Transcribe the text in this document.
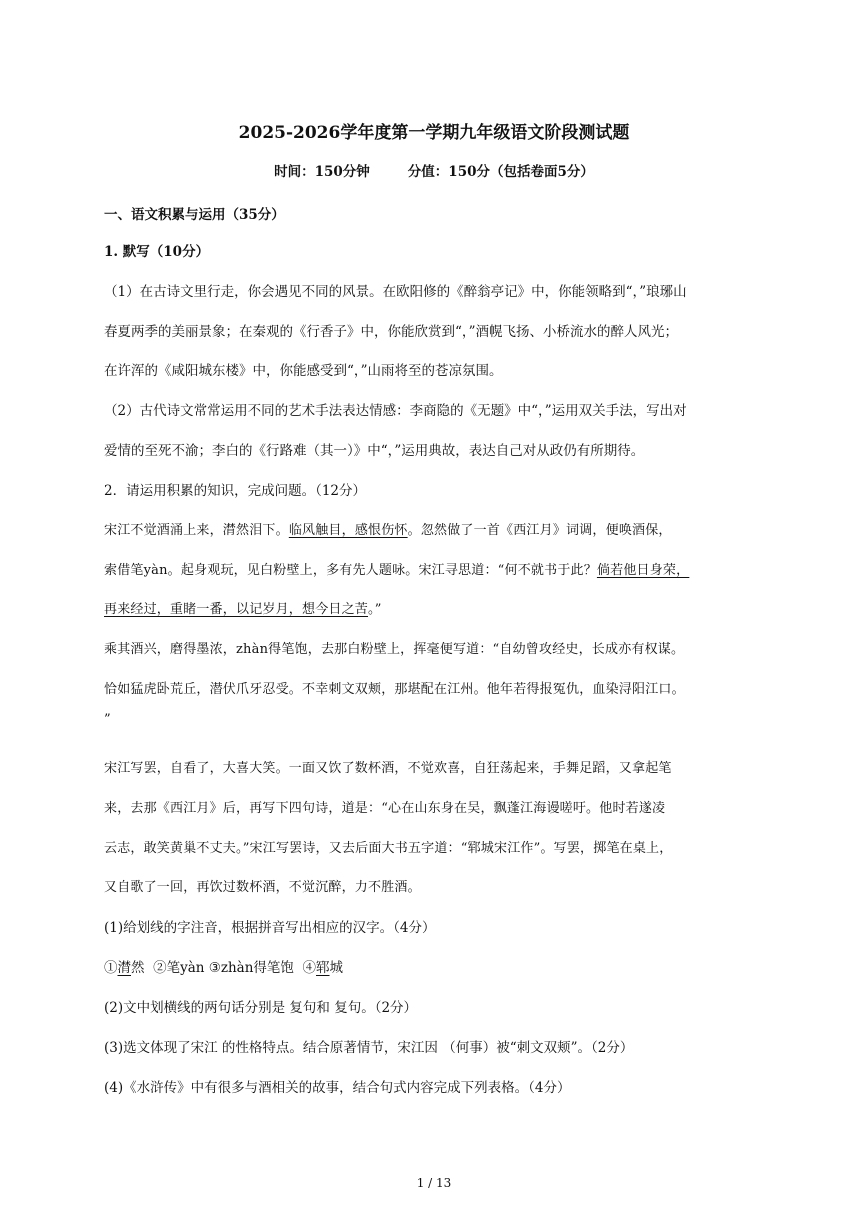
2025-2026学年度第一学期九年级语文阶段测试题
时间：150分钟	分值：150分（包括卷面5分）
一、语文积累与运用（35分）
1. 默写（10分）
（1）在古诗文里行走，你会遇见不同的风景。在欧阳修的《醉翁亭记》中，你能领略到“，”琅琊山
春夏两季的美丽景象；在秦观的《行香子》中，你能欣赏到“，”酒幌飞扬、小桥流水的醉人风光；
在许浑的《咸阳城东楼》中，你能感受到“，”山雨将至的苍凉氛围。
（2）古代诗文常常运用不同的艺术手法表达情感：李商隐的《无题》中“，”运用双关手法，写出对
爱情的至死不渝；李白的《行路难（其一）》中“，”运用典故，表达自己对从政仍有所期待。
2．请运用积累的知识，完成问题。（12分）
宋江不觉酒涌上来，潸然泪下。临风触目，感恨伤怀。忽然做了一首《西江月》词调，便唤酒保，
索借笔yàn。起身观玩，见白粉壁上，多有先人题咏。宋江寻思道：“何不就书于此？倘若他日身荣，
再来经过，重睹一番，以记岁月，想今日之苦。”
乘其酒兴，磨得墨浓，zhàn得笔饱，去那白粉壁上，挥毫便写道：“自幼曾攻经史，长成亦有权谋。
恰如猛虎卧荒丘，潜伏爪牙忍受。不幸刺文双颊，那堪配在江州。他年若得报冤仇，血染浔阳江口。
”
宋江写罢，自看了，大喜大笑。一面又饮了数杯酒，不觉欢喜，自狂荡起来，手舞足蹈，又拿起笔
来，去那《西江月》后，再写下四句诗，道是：“心在山东身在吴，飘蓬江海谩嗟吁。他时若遂凌
云志，敢笑黄巢不丈夫。”宋江写罢诗，又去后面大书五字道：“郓城宋江作”。写罢，掷笔在桌上，
又自歌了一回，再饮过数杯酒，不觉沉醉，力不胜酒。
(1)给划线的字注音，根据拼音写出相应的汉字。（4分）
①潸然 ②笔yàn ③zhàn得笔饱 ④郓城
(2)文中划横线的两句话分别是 复句和 复句。（2分）
(3)选文体现了宋江 的性格特点。结合原著情节，宋江因 （何事）被“刺文双颊”。（2分）
(4)《水浒传》中有很多与酒相关的故事，结合句式内容完成下列表格。（4分）
1 / 13
